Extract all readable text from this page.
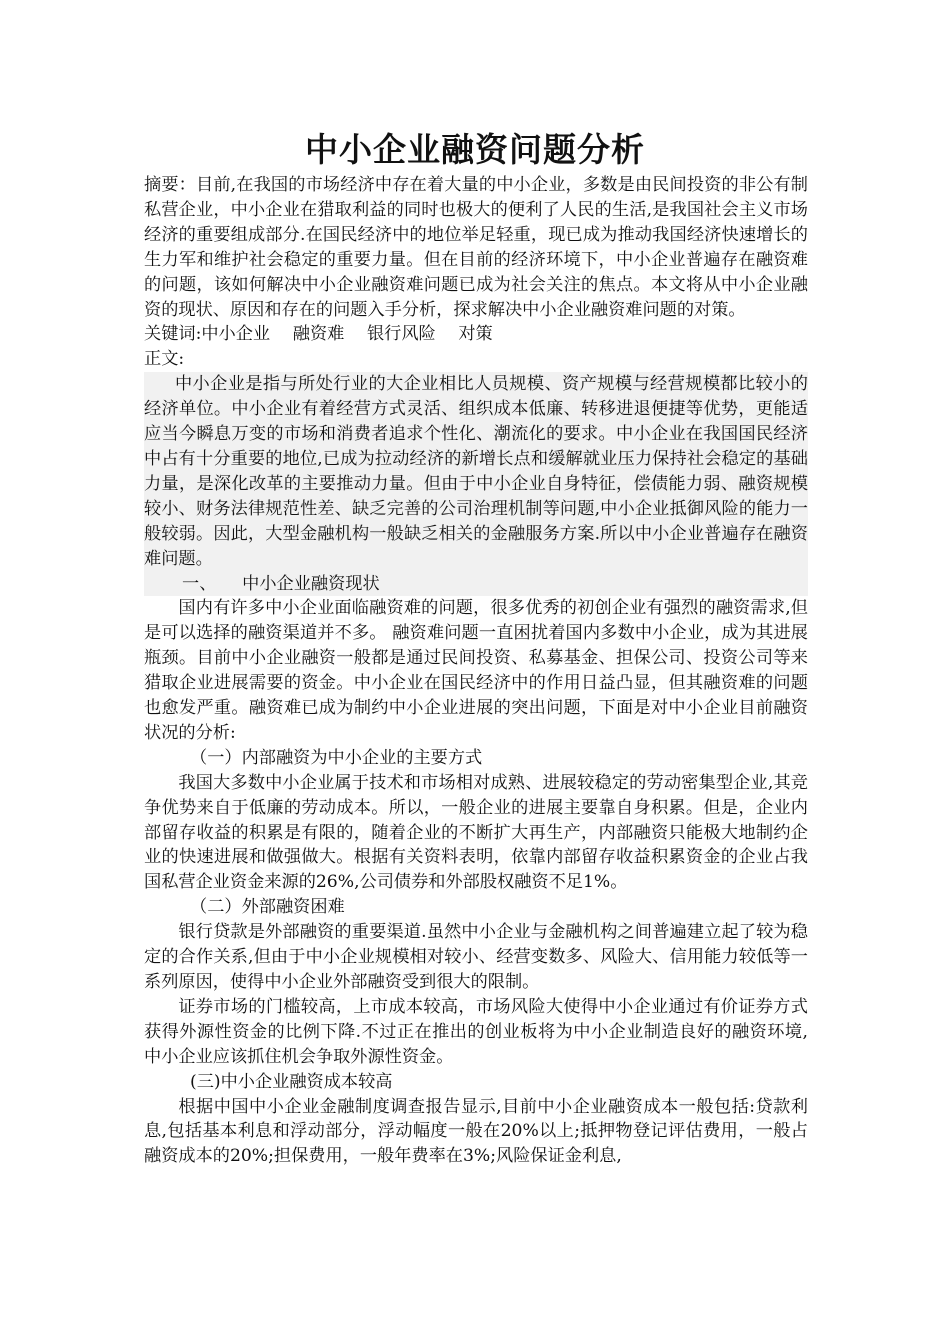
中小企业融资问题分析

摘要：目前,在我国的市场经济中存在着大量的中小企业，多数是由民间投资的非公有制私营企业，中小企业在猎取利益的同时也极大的便利了人民的生活,是我国社会主义市场经济的重要组成部分.在国民经济中的地位举足轻重，现已成为推动我国经济快速增长的生力军和维护社会稳定的重要力量。但在目前的经济环境下，中小企业普遍存在融资难的问题，该如何解决中小企业融资难问题已成为社会关注的焦点。本文将从中小企业融资的现状、原因和存在的问题入手分析，探求解决中小企业融资难问题的对策。

关键词:中小企业　 融资难　 银行风险　 对策

正文:

中小企业是指与所处行业的大企业相比人员规模、资产规模与经营规模都比较小的经济单位。中小企业有着经营方式灵活、组织成本低廉、转移进退便捷等优势，更能适应当今瞬息万变的市场和消费者追求个性化、潮流化的要求。中小企业在我国国民经济中占有十分重要的地位,已成为拉动经济的新增长点和缓解就业压力保持社会稳定的基础力量，是深化改革的主要推动力量。但由于中小企业自身特征，偿债能力弱、融资规模较小、财务法律规范性差、缺乏完善的公司治理机制等问题,中小企业抵御风险的能力一般较弱。因此，大型金融机构一般缺乏相关的金融服务方案.所以中小企业普遍存在融资难问题。

一、　　 中小企业融资现状

国内有许多中小企业面临融资难的问题，很多优秀的初创企业有强烈的融资需求,但是可以选择的融资渠道并不多。 融资难问题一直困扰着国内多数中小企业，成为其进展瓶颈。目前中小企业融资一般都是通过民间投资、私募基金、担保公司、投资公司等来猎取企业进展需要的资金。中小企业在国民经济中的作用日益凸显，但其融资难的问题也愈发严重。融资难已成为制约中小企业进展的突出问题，下面是对中小企业目前融资状况的分析:

（一）内部融资为中小企业的主要方式

我国大多数中小企业属于技术和市场相对成熟、进展较稳定的劳动密集型企业,其竞争优势来自于低廉的劳动成本。所以，一般企业的进展主要靠自身积累。但是，企业内部留存收益的积累是有限的，随着企业的不断扩大再生产，内部融资只能极大地制约企业的快速进展和做强做大。根据有关资料表明，依靠内部留存收益积累资金的企业占我国私营企业资金来源的26%,公司债券和外部股权融资不足1%。

（二）外部融资困难

银行贷款是外部融资的重要渠道.虽然中小企业与金融机构之间普遍建立起了较为稳定的合作关系,但由于中小企业规模相对较小、经营变数多、风险大、信用能力较低等一系列原因，使得中小企业外部融资受到很大的限制。

证券市场的门槛较高，上市成本较高，市场风险大使得中小企业通过有价证券方式获得外源性资金的比例下降.不过正在推出的创业板将为中小企业制造良好的融资环境,中小企业应该抓住机会争取外源性资金。

(三)中小企业融资成本较高

根据中国中小企业金融制度调查报告显示,目前中小企业融资成本一般包括:贷款利息,包括基本利息和浮动部分，浮动幅度一般在20%以上;抵押物登记评估费用，一般占融资成本的20%;担保费用，一般年费率在3%;风险保证金利息,
